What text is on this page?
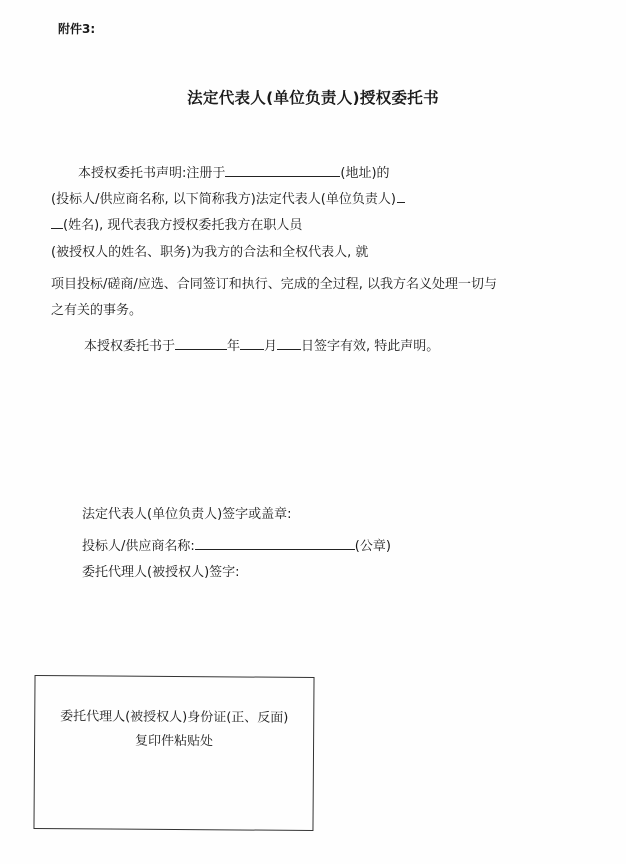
附件3:
法定代表人(单位负责人)授权委托书
本授权委托书声明:注册于	(地址)的
(投标人/供应商名称, 以下简称我方)法定代表人(单位负责人)
(姓名), 现代表我方授权委托我方在职人员
(被授权人的姓名、职务)为我方的合法和全权代表人, 就
项目投标/磋商/应选、合同签订和执行、完成的全过程, 以我方名义处理一切与
之有关的事务。
本授权委托书于	年 月 日签字有效, 特此声明。
法定代表人(单位负责人)签字或盖章:
投标人/供应商名称:	(公章)
委托代理人(被授权人)签字:
委托代理人(被授权人)身份证(正、反面)
复印件粘贴处
